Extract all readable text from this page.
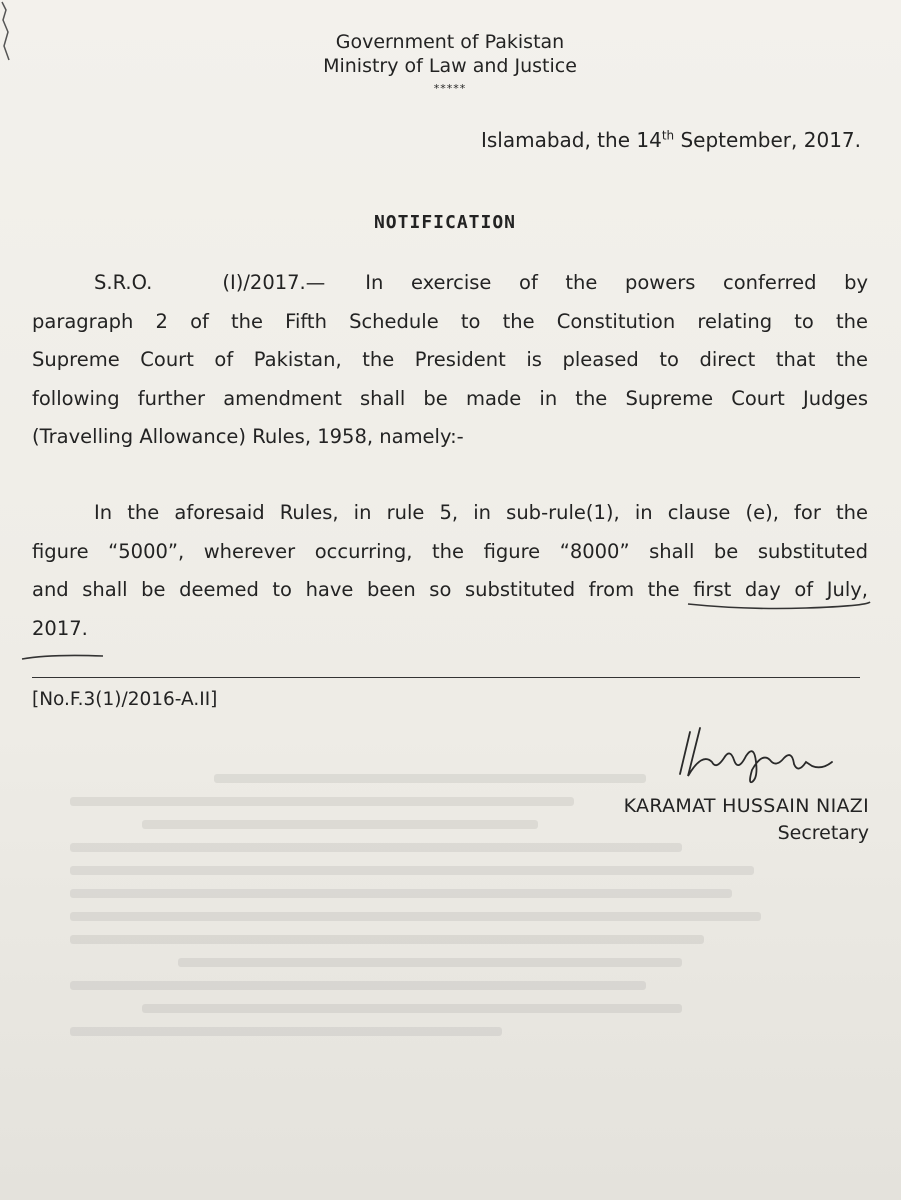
Government of Pakistan
Ministry of Law and Justice
*****
Islamabad, the 14th September, 2017.
NOTIFICATION
S.R.O.	(I)/2017.— In exercise of the powers conferred by
paragraph 2 of the Fifth Schedule to the Constitution relating to the
Supreme Court of Pakistan, the President is pleased to direct that the
following further amendment shall be made in the Supreme Court Judges
(Travelling Allowance) Rules, 1958, namely:-
In the aforesaid Rules, in rule 5, in sub-rule(1), in clause (e), for the
figure “5000”, wherever occurring, the figure “8000” shall be substituted
and shall be deemed to have been so substituted from the first day of July,
2017.
[No.F.3(1)/2016-A.II]
KARAMAT HUSSAIN NIAZI
Secretary
